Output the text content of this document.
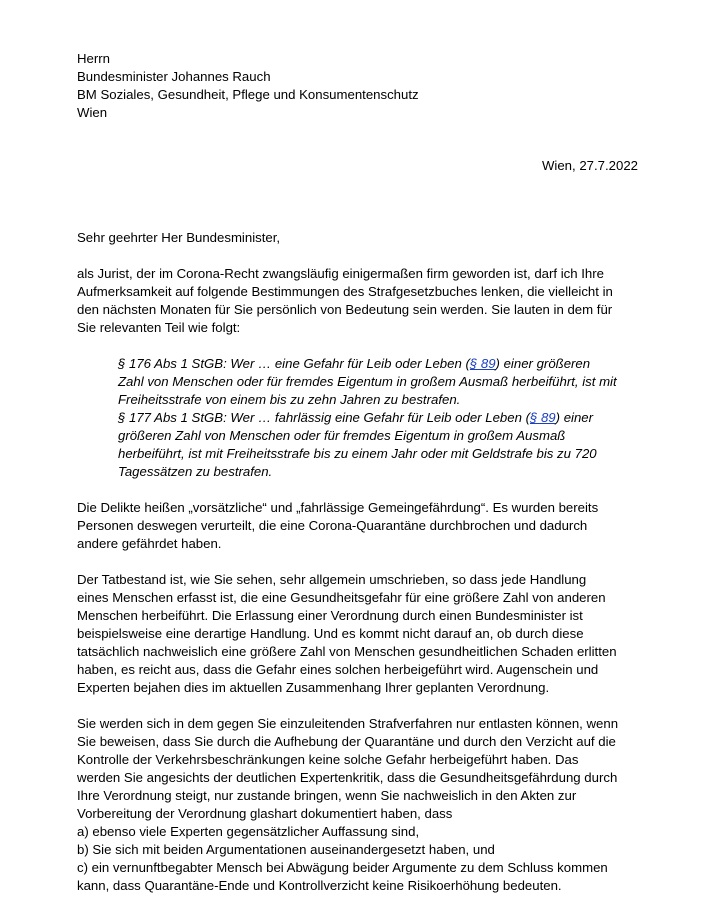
Herrn
Bundesminister Johannes Rauch
BM Soziales, Gesundheit, Pflege und Konsumentenschutz
Wien
Wien, 27.7.2022
Sehr geehrter Her Bundesminister,
als Jurist, der im Corona-Recht zwangsläufig einigermaßen firm geworden ist, darf ich Ihre
Aufmerksamkeit auf folgende Bestimmungen des Strafgesetzbuches lenken, die vielleicht in
den nächsten Monaten für Sie persönlich von Bedeutung sein werden. Sie lauten in dem für
Sie relevanten Teil wie folgt:
§ 176 Abs 1 StGB: Wer … eine Gefahr für Leib oder Leben (§ 89) einer größeren
Zahl von Menschen oder für fremdes Eigentum in großem Ausmaß herbeiführt, ist mit
Freiheitsstrafe von einem bis zu zehn Jahren zu bestrafen.
§ 177 Abs 1 StGB: Wer … fahrlässig eine Gefahr für Leib oder Leben (§ 89) einer
größeren Zahl von Menschen oder für fremdes Eigentum in großem Ausmaß
herbeiführt, ist mit Freiheitsstrafe bis zu einem Jahr oder mit Geldstrafe bis zu 720
Tagessätzen zu bestrafen.
Die Delikte heißen „vorsätzliche“ und „fahrlässige Gemeingefährdung“. Es wurden bereits
Personen deswegen verurteilt, die eine Corona-Quarantäne durchbrochen und dadurch
andere gefährdet haben.
Der Tatbestand ist, wie Sie sehen, sehr allgemein umschrieben, so dass jede Handlung
eines Menschen erfasst ist, die eine Gesundheitsgefahr für eine größere Zahl von anderen
Menschen herbeiführt. Die Erlassung einer Verordnung durch einen Bundesminister ist
beispielsweise eine derartige Handlung. Und es kommt nicht darauf an, ob durch diese
tatsächlich nachweislich eine größere Zahl von Menschen gesundheitlichen Schaden erlitten
haben, es reicht aus, dass die Gefahr eines solchen herbeigeführt wird. Augenschein und
Experten bejahen dies im aktuellen Zusammenhang Ihrer geplanten Verordnung.
Sie werden sich in dem gegen Sie einzuleitenden Strafverfahren nur entlasten können, wenn
Sie beweisen, dass Sie durch die Aufhebung der Quarantäne und durch den Verzicht auf die
Kontrolle der Verkehrsbeschränkungen keine solche Gefahr herbeigeführt haben. Das
werden Sie angesichts der deutlichen Expertenkritik, dass die Gesundheitsgefährdung durch
Ihre Verordnung steigt, nur zustande bringen, wenn Sie nachweislich in den Akten zur
Vorbereitung der Verordnung glashart dokumentiert haben, dass
a) ebenso viele Experten gegensätzlicher Auffassung sind,
b) Sie sich mit beiden Argumentationen auseinandergesetzt haben, und
c) ein vernunftbegabter Mensch bei Abwägung beider Argumente zu dem Schluss kommen
kann, dass Quarantäne-Ende und Kontrollverzicht keine Risikoerhöhung bedeuten.
